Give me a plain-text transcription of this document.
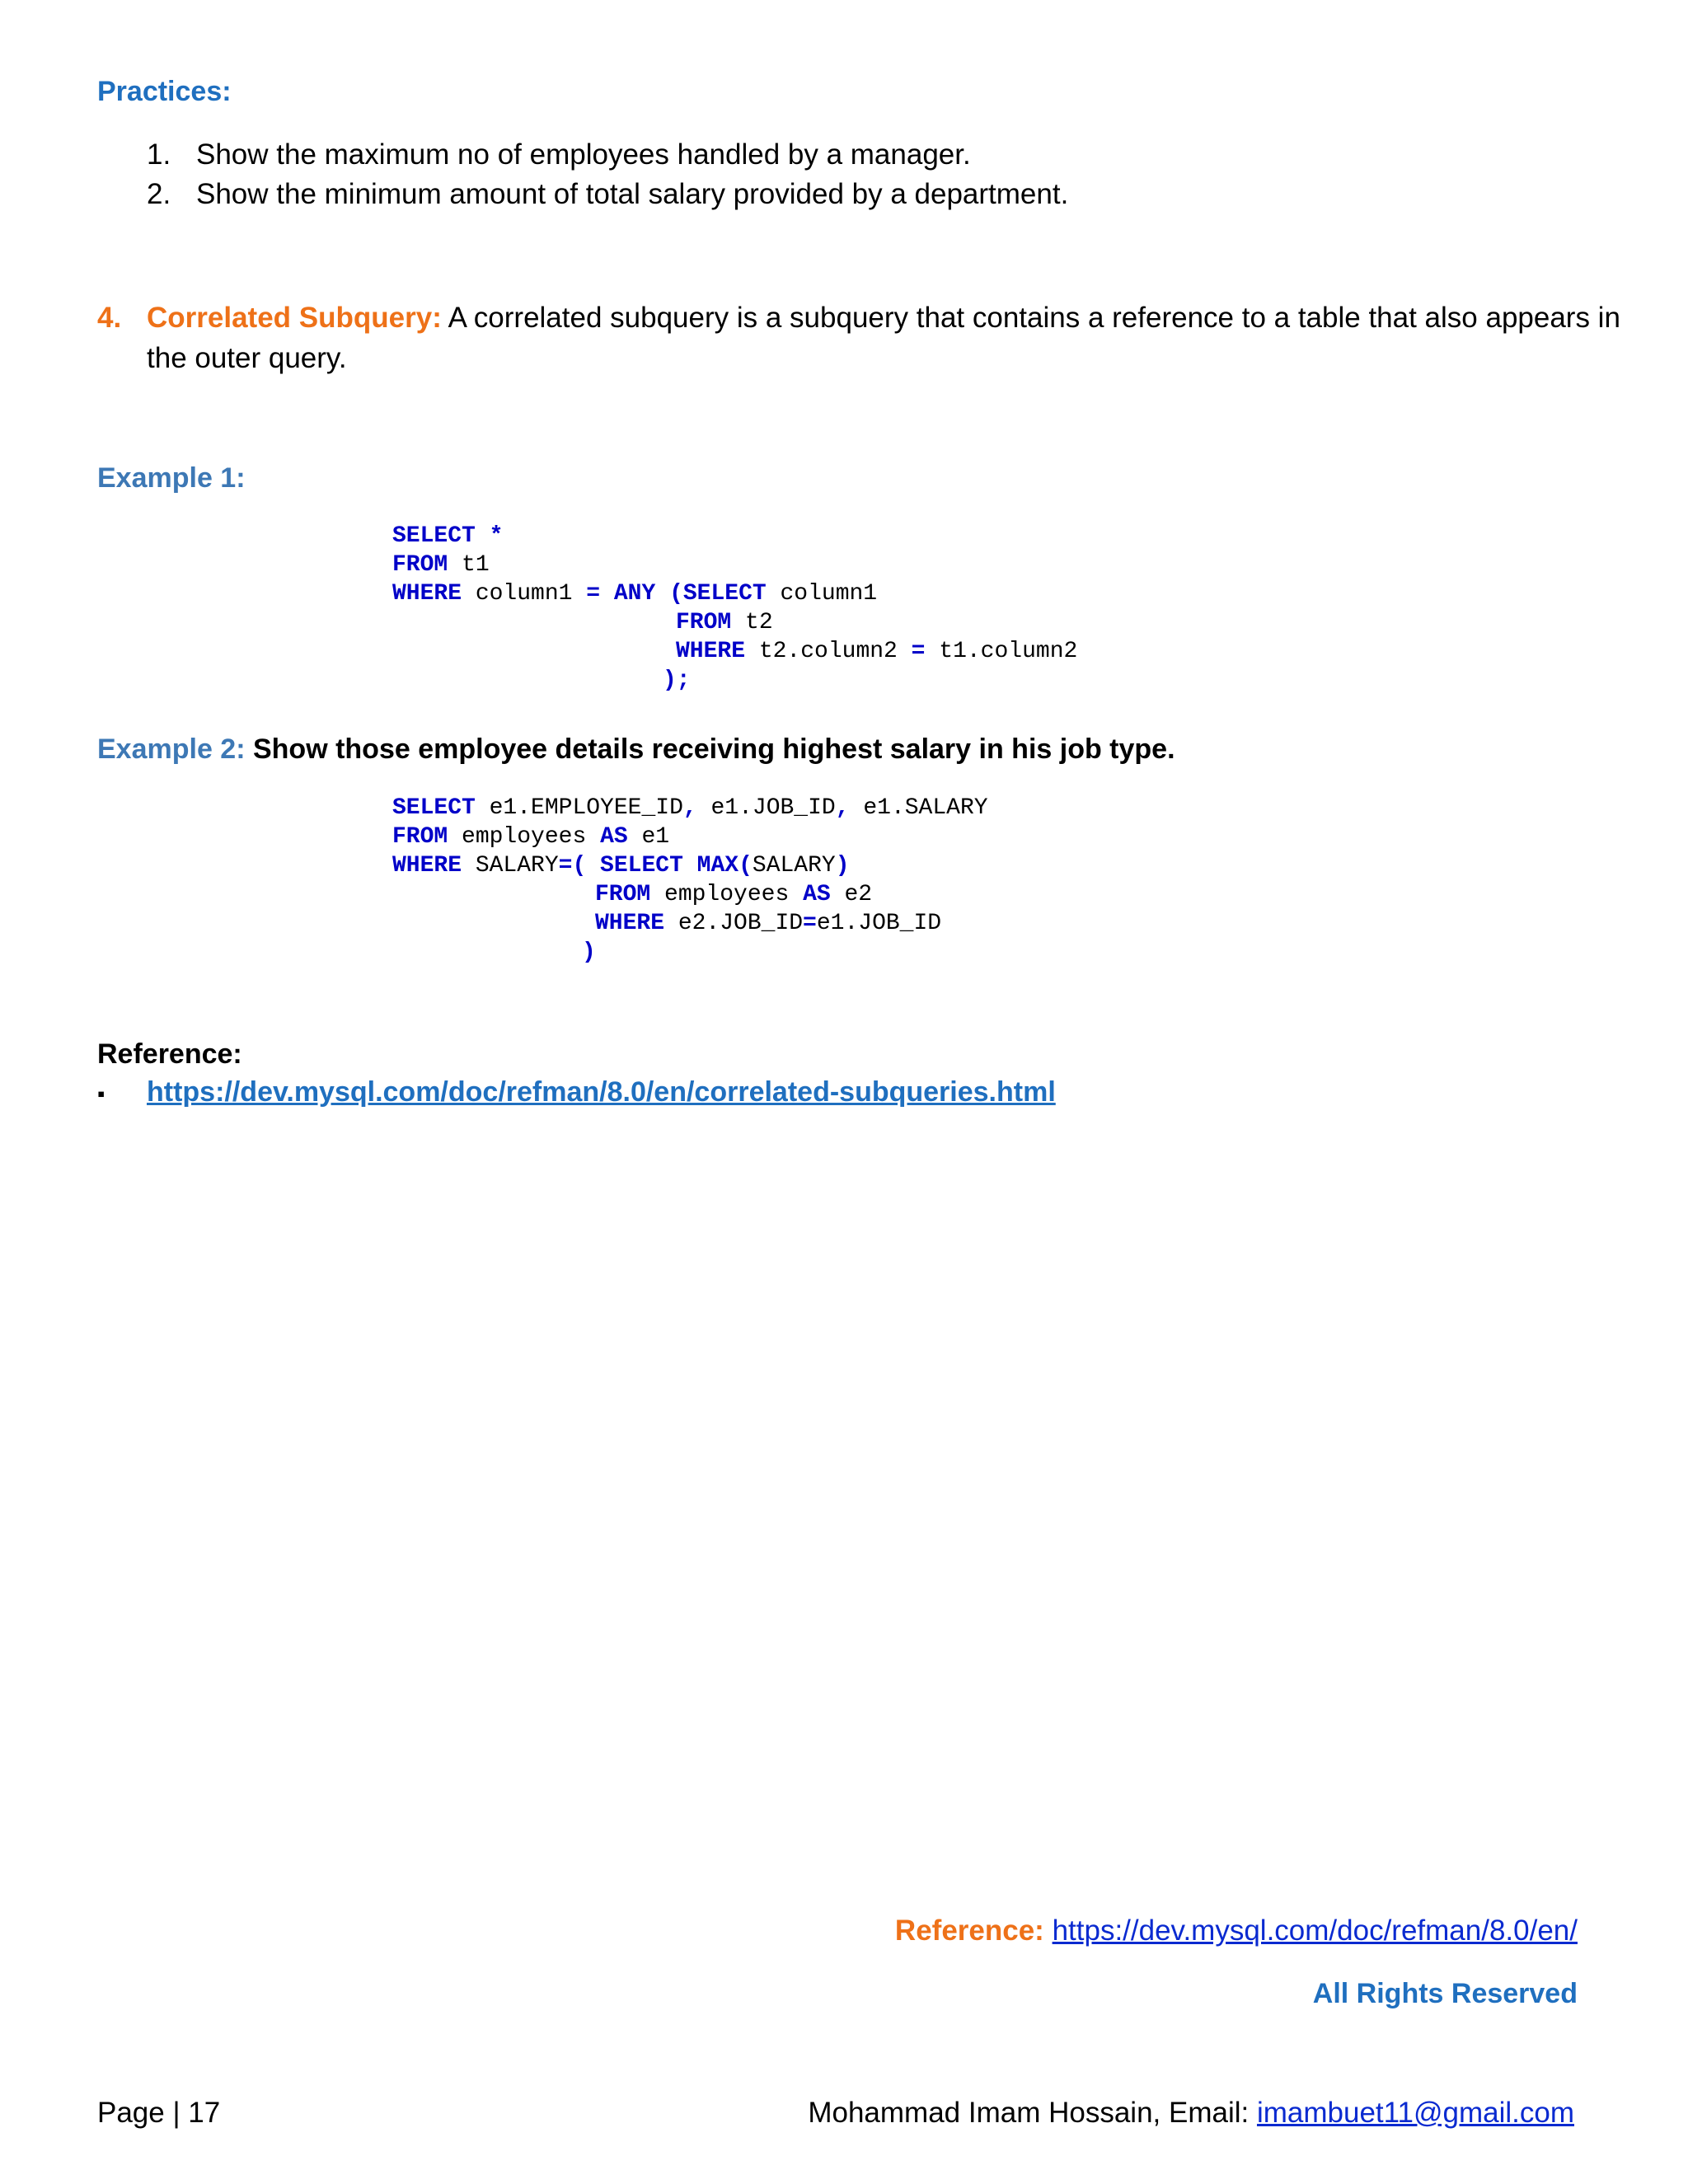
Practices:
1. Show the maximum no of employees handled by a manager.
2. Show the minimum amount of total salary provided by a department.
4. Correlated Subquery: A correlated subquery is a subquery that contains a reference to a table that also appears in
the outer query.
Example 1:
SELECT *
FROM t1
WHERE column1 = ANY (SELECT column1
FROM t2
WHERE t2.column2 = t1.column2
);
Example 2: Show those employee details receiving highest salary in his job type.
SELECT e1.EMPLOYEE_ID, e1.JOB_ID, e1.SALARY
FROM employees AS e1
WHERE SALARY=( SELECT MAX(SALARY)
FROM employees AS e2
WHERE e2.JOB_ID=e1.JOB_ID
)
Reference:
▪ https://dev.mysql.com/doc/refman/8.0/en/correlated-subqueries.html
Reference: https://dev.mysql.com/doc/refman/8.0/en/
All Rights Reserved
Page | 17	Mohammad Imam Hossain, Email: imambuet11@gmail.com
